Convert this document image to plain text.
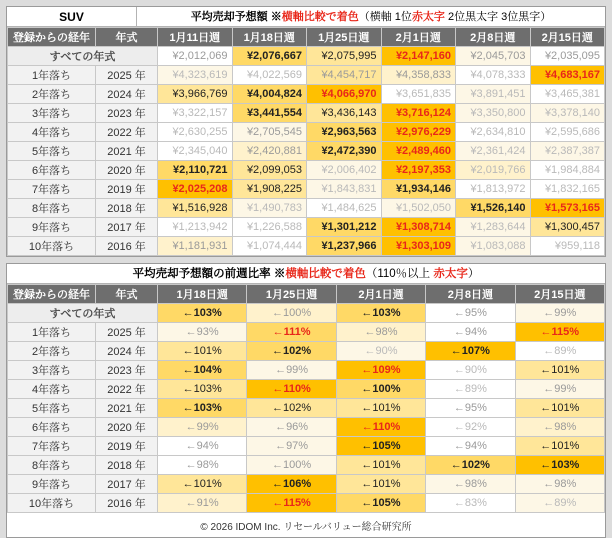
SUV	平均売却予想額 ※横軸比較で着色（横軸 1位赤太字 2位黒太字 3位黒字）
登録からの経年	年式	1月11日週	1月18日週	1月25日週	2月1日週	2月8日週	2月15日週
すべての年式		¥2,012,069	¥2,076,667	¥2,075,995	¥2,147,160	¥2,045,703	¥2,035,095
1年落ち	2025 年	¥4,323,619	¥4,022,569	¥4,454,717	¥4,358,833	¥4,078,333	¥4,683,167
2年落ち	2024 年	¥3,966,769	¥4,004,824	¥4,066,970	¥3,651,835	¥3,891,451	¥3,465,381
3年落ち	2023 年	¥3,322,157	¥3,441,554	¥3,436,143	¥3,716,124	¥3,350,800	¥3,378,140
4年落ち	2022 年	¥2,630,255	¥2,705,545	¥2,963,563	¥2,976,229	¥2,634,810	¥2,595,686
5年落ち	2021 年	¥2,345,040	¥2,420,881	¥2,472,390	¥2,489,460	¥2,361,424	¥2,387,387
6年落ち	2020 年	¥2,110,721	¥2,099,053	¥2,006,402	¥2,197,353	¥2,019,766	¥1,984,884
7年落ち	2019 年	¥2,025,208	¥1,908,225	¥1,843,831	¥1,934,146	¥1,813,972	¥1,832,165
8年落ち	2018 年	¥1,516,928	¥1,490,783	¥1,484,625	¥1,502,050	¥1,526,140	¥1,573,165
9年落ち	2017 年	¥1,213,942	¥1,226,588	¥1,301,212	¥1,308,714	¥1,283,644	¥1,300,457
10年落ち	2016 年	¥1,181,931	¥1,074,444	¥1,237,966	¥1,303,109	¥1,083,088	¥959,118
平均売却予想額の前週比率 ※横軸比較で着色（110％以上 赤太字）
登録からの経年	年式	1月18日週	1月25日週	2月1日週	2月8日週	2月15日週
すべての年式		←103%	←100%	←103%	←95%	←99%
1年落ち	2025 年	←93%	←111%	←98%	←94%	←115%
2年落ち	2024 年	←101%	←102%	←90%	←107%	←89%
3年落ち	2023 年	←104%	←99%	←109%	←90%	←101%
4年落ち	2022 年	←103%	←110%	←100%	←89%	←99%
5年落ち	2021 年	←103%	←102%	←101%	←95%	←101%
6年落ち	2020 年	←99%	←96%	←110%	←92%	←98%
7年落ち	2019 年	←94%	←97%	←105%	←94%	←101%
8年落ち	2018 年	←98%	←100%	←101%	←102%	←103%
9年落ち	2017 年	←101%	←106%	←101%	←98%	←98%
10年落ち	2016 年	←91%	←115%	←105%	←83%	←89%
© 2026 IDOM Inc. リセールバリュー総合研究所
